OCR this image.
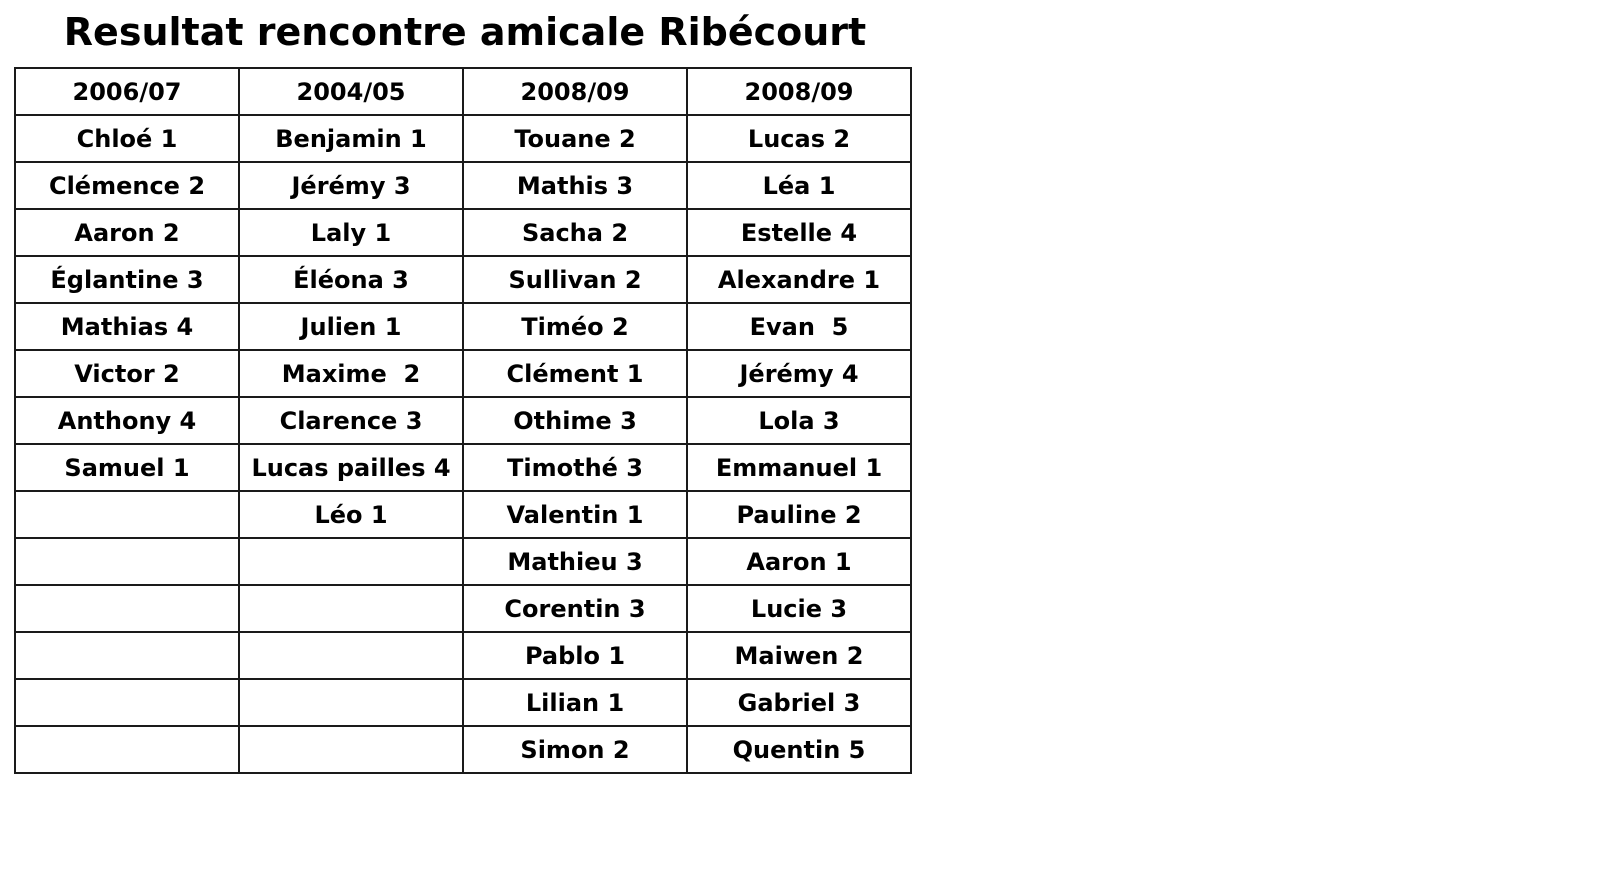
Resultat rencontre amicale Ribécourt
2006/07	2004/05	2008/09	2008/09
Chloé 1	Benjamin 1	Touane 2	Lucas 2
Clémence 2	Jérémy 3	Mathis 3	Léa 1
Aaron 2	Laly 1	Sacha 2	Estelle 4
Églantine 3	Éléona 3	Sullivan 2	Alexandre 1
Mathias 4	Julien 1	Timéo 2	Evan  5
Victor 2	Maxime  2	Clément 1	Jérémy 4
Anthony 4	Clarence 3	Othime 3	Lola 3
Samuel 1	Lucas pailles 4	Timothé 3	Emmanuel 1
	Léo 1	Valentin 1	Pauline 2
		Mathieu 3	Aaron 1
		Corentin 3	Lucie 3
		Pablo 1	Maiwen 2
		Lilian 1	Gabriel 3
		Simon 2	Quentin 5
